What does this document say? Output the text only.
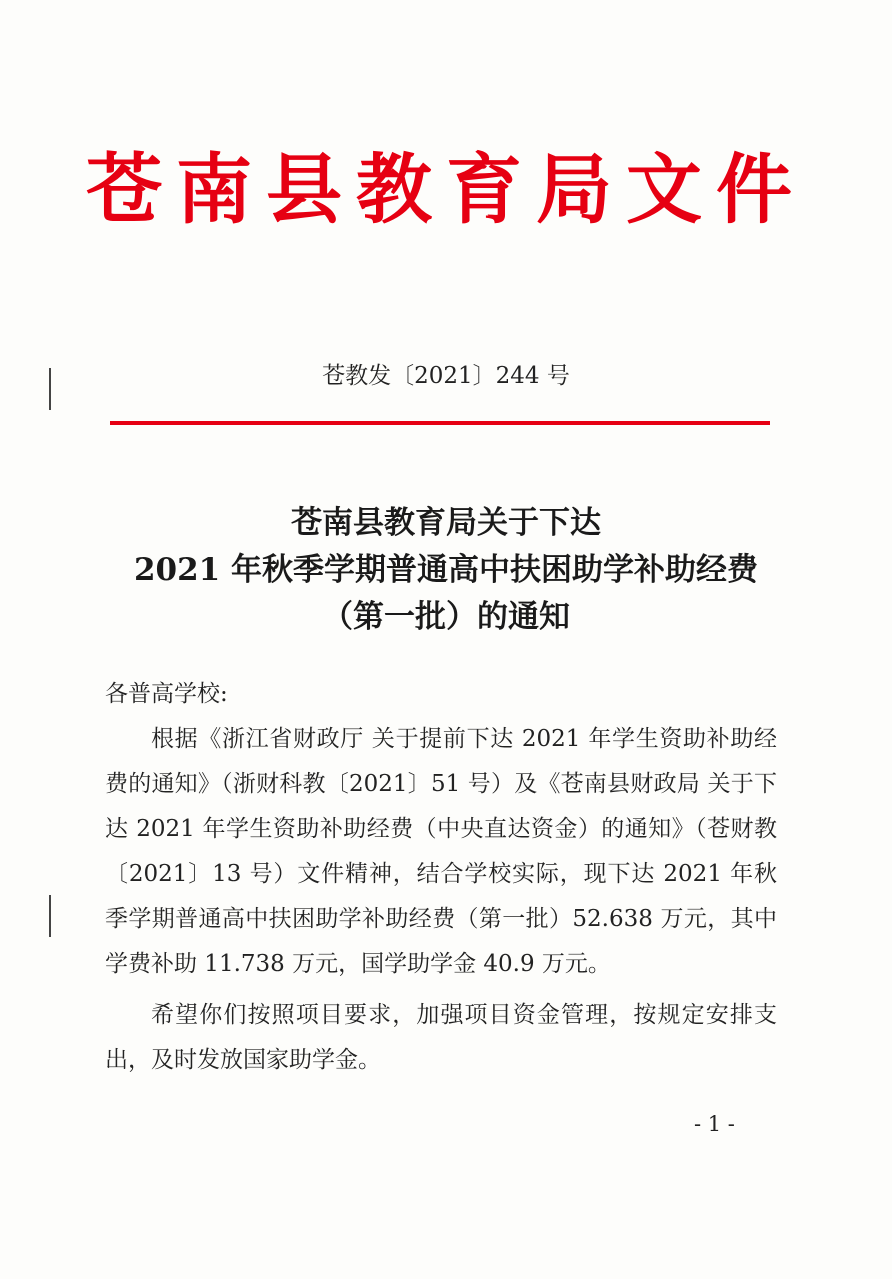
苍南县教育局文件
苍教发〔2021〕244 号
苍南县教育局关于下达
2021 年秋季学期普通高中扶困助学补助经费
（第一批）的通知

各普高学校:

根据《浙江省财政厅 关于提前下达 2021 年学生资助补助经费的通知》（浙财科教〔2021〕51 号）及《苍南县财政局 关于下达 2021 年学生资助补助经费（中央直达资金）的通知》（苍财教〔2021〕13 号）文件精神，结合学校实际，现下达 2021 年秋季学期普通高中扶困助学补助经费（第一批）52.638 万元，其中学费补助 11.738 万元，国学助学金 40.9 万元。

希望你们按照项目要求，加强项目资金管理，按规定安排支出，及时发放国家助学金。

- 1 -
